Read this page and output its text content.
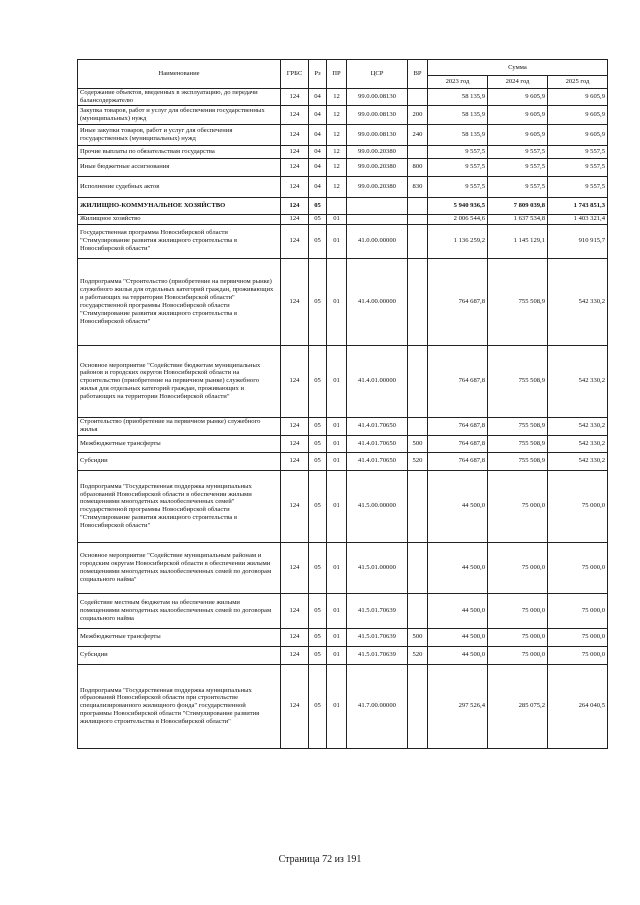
Наименование	ГРБС	Рз	ПР	ЦСР	ВР	Сумма		
						2023 год	2024 год	2025 год
Содержание объектов, введенных в эксплуатацию, до передачи балансодержателю	124	04	12	99.0.00.08130		58 135,9	9 605,9	9 605,9
Закупка товаров, работ и услуг для обеспечения государственных (муниципальных) нужд	124	04	12	99.0.00.08130	200	58 135,9	9 605,9	9 605,9
Иные закупки товаров, работ и услуг для обеспечения государственных (муниципальных) нужд	124	04	12	99.0.00.08130	240	58 135,9	9 605,9	9 605,9
Прочие выплаты по обязательствам государства	124	04	12	99.0.00.20380		9 557,5	9 557,5	9 557,5
Иные бюджетные ассигнования	124	04	12	99.0.00.20380	800	9 557,5	9 557,5	9 557,5
Исполнение судебных актов	124	04	12	99.0.00.20380	830	9 557,5	9 557,5	9 557,5
ЖИЛИЩНО-КОММУНАЛЬНОЕ ХОЗЯЙСТВО	124	05				5 940 936,5	7 809 039,8	1 743 851,3
Жилищное хозяйство	124	05	01			2 006 544,6	1 637 534,8	1 403 321,4
Государственная программа Новосибирской области "Стимулирование развития жилищного строительства в Новосибирской области"	124	05	01	41.0.00.00000		1 136 259,2	1 145 129,1	910 915,7
Подпрограмма "Строительство (приобретение на первичном рынке) служебного жилья для отдельных категорий граждан, проживающих и работающих на территории Новосибирской области" государственной программы Новосибирской области "Стимулирование развития жилищного строительства в Новосибирской области"	124	05	01	41.4.00.00000		764 687,8	755 508,9	542 330,2
Основное мероприятие "Содействие бюджетам муниципальных районов и городских округов Новосибирской области на строительство (приобретение на первичном рынке) служебного жилья для отдельных категорий граждан, проживающих и работающих на территории Новосибирской области"	124	05	01	41.4.01.00000		764 687,8	755 508,9	542 330,2
Строительство (приобретение на первичном рынке) служебного жилья	124	05	01	41.4.01.70650		764 687,8	755 508,9	542 330,2
Межбюджетные трансферты	124	05	01	41.4.01.70650	500	764 687,8	755 508,9	542 330,2
Субсидии	124	05	01	41.4.01.70650	520	764 687,8	755 508,9	542 330,2
Подпрограмма "Государственная поддержка муниципальных образований Новосибирской области в обеспечении жилыми помещениями многодетных малообеспеченных семей" государственной программы Новосибирской области "Стимулирование развития жилищного строительства в Новосибирской области"	124	05	01	41.5.00.00000		44 500,0	75 000,0	75 000,0
Основное мероприятие "Содействие муниципальным районам и городским округам Новосибирской области в обеспечении жилыми помещениями многодетных малообеспеченных семей по договорам социального найма"	124	05	01	41.5.01.00000		44 500,0	75 000,0	75 000,0
Содействие местным бюджетам на обеспечение жилыми помещениями многодетных малообеспеченных семей по договорам социального найма	124	05	01	41.5.01.70639		44 500,0	75 000,0	75 000,0
Межбюджетные трансферты	124	05	01	41.5.01.70639	500	44 500,0	75 000,0	75 000,0
Субсидии	124	05	01	41.5.01.70639	520	44 500,0	75 000,0	75 000,0
Подпрограмма "Государственная поддержка муниципальных образований Новосибирской области при строительстве специализированного жилищного фонда" государственной программы Новосибирской области "Стимулирование развития жилищного строительства в Новосибирской области"	124	05	01	41.7.00.00000		297 526,4	285 075,2	264 040,5
Страница 72 из 191
